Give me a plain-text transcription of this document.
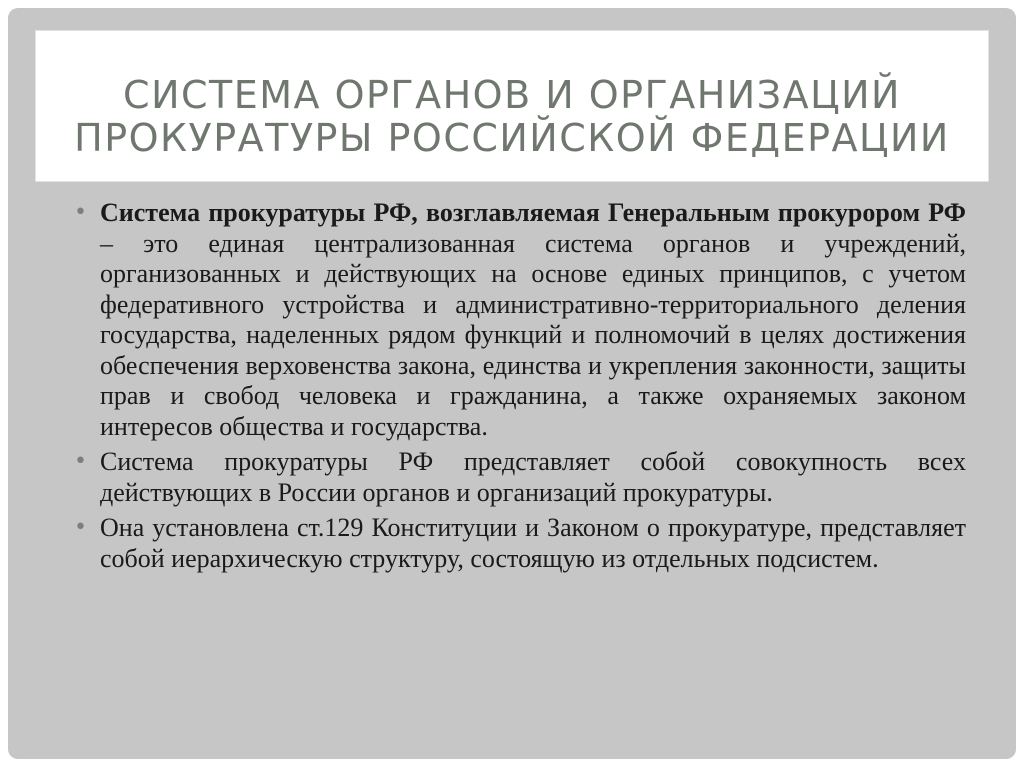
СИСТЕМА ОРГАНОВ И ОРГАНИЗАЦИЙ ПРОКУРАТУРЫ РОССИЙСКОЙ ФЕДЕРАЦИИ
• Система прокуратуры РФ, возглавляемая Генеральным прокурором РФ – это единая централизованная система органов и учреждений, организованных и действующих на основе единых принципов, с учетом федеративного устройства и административно-территориального деления государства, наделенных рядом функций и полномочий в целях достижения обеспечения верховенства закона, единства и укрепления законности, защиты прав и свобод человека и гражданина, а также охраняемых законом интересов общества и государства.
• Система прокуратуры РФ представляет собой совокупность всех действующих в России органов и организаций прокуратуры.
• Она установлена ст.129 Конституции и Законом о прокуратуре, представляет собой иерархическую структуру, состоящую из отдельных подсистем.
